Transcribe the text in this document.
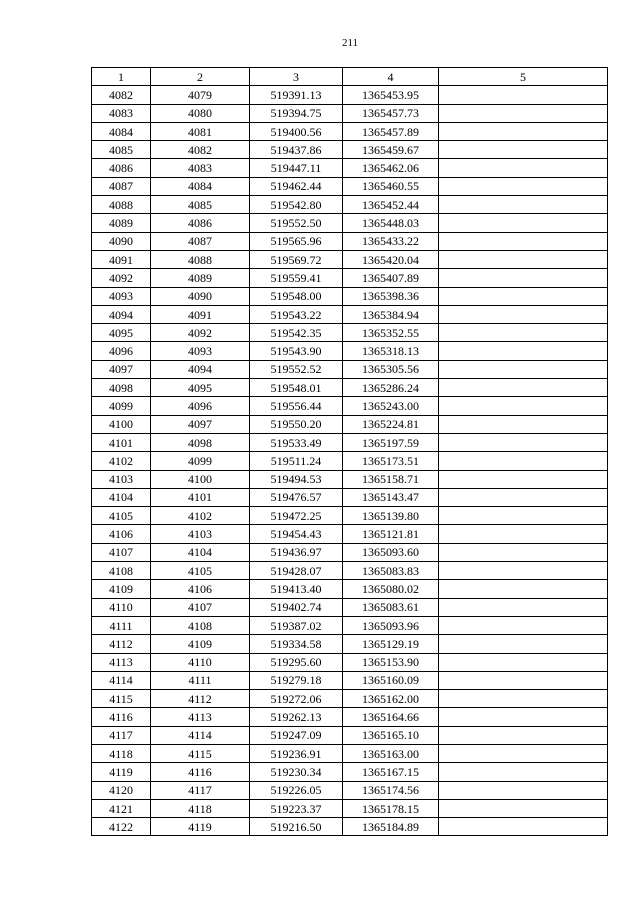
211
1	2	3	4	5
4082	4079	519391.13	1365453.95	
4083	4080	519394.75	1365457.73	
4084	4081	519400.56	1365457.89	
4085	4082	519437.86	1365459.67	
4086	4083	519447.11	1365462.06	
4087	4084	519462.44	1365460.55	
4088	4085	519542.80	1365452.44	
4089	4086	519552.50	1365448.03	
4090	4087	519565.96	1365433.22	
4091	4088	519569.72	1365420.04	
4092	4089	519559.41	1365407.89	
4093	4090	519548.00	1365398.36	
4094	4091	519543.22	1365384.94	
4095	4092	519542.35	1365352.55	
4096	4093	519543.90	1365318.13	
4097	4094	519552.52	1365305.56	
4098	4095	519548.01	1365286.24	
4099	4096	519556.44	1365243.00	
4100	4097	519550.20	1365224.81	
4101	4098	519533.49	1365197.59	
4102	4099	519511.24	1365173.51	
4103	4100	519494.53	1365158.71	
4104	4101	519476.57	1365143.47	
4105	4102	519472.25	1365139.80	
4106	4103	519454.43	1365121.81	
4107	4104	519436.97	1365093.60	
4108	4105	519428.07	1365083.83	
4109	4106	519413.40	1365080.02	
4110	4107	519402.74	1365083.61	
4111	4108	519387.02	1365093.96	
4112	4109	519334.58	1365129.19	
4113	4110	519295.60	1365153.90	
4114	4111	519279.18	1365160.09	
4115	4112	519272.06	1365162.00	
4116	4113	519262.13	1365164.66	
4117	4114	519247.09	1365165.10	
4118	4115	519236.91	1365163.00	
4119	4116	519230.34	1365167.15	
4120	4117	519226.05	1365174.56	
4121	4118	519223.37	1365178.15	
4122	4119	519216.50	1365184.89	
